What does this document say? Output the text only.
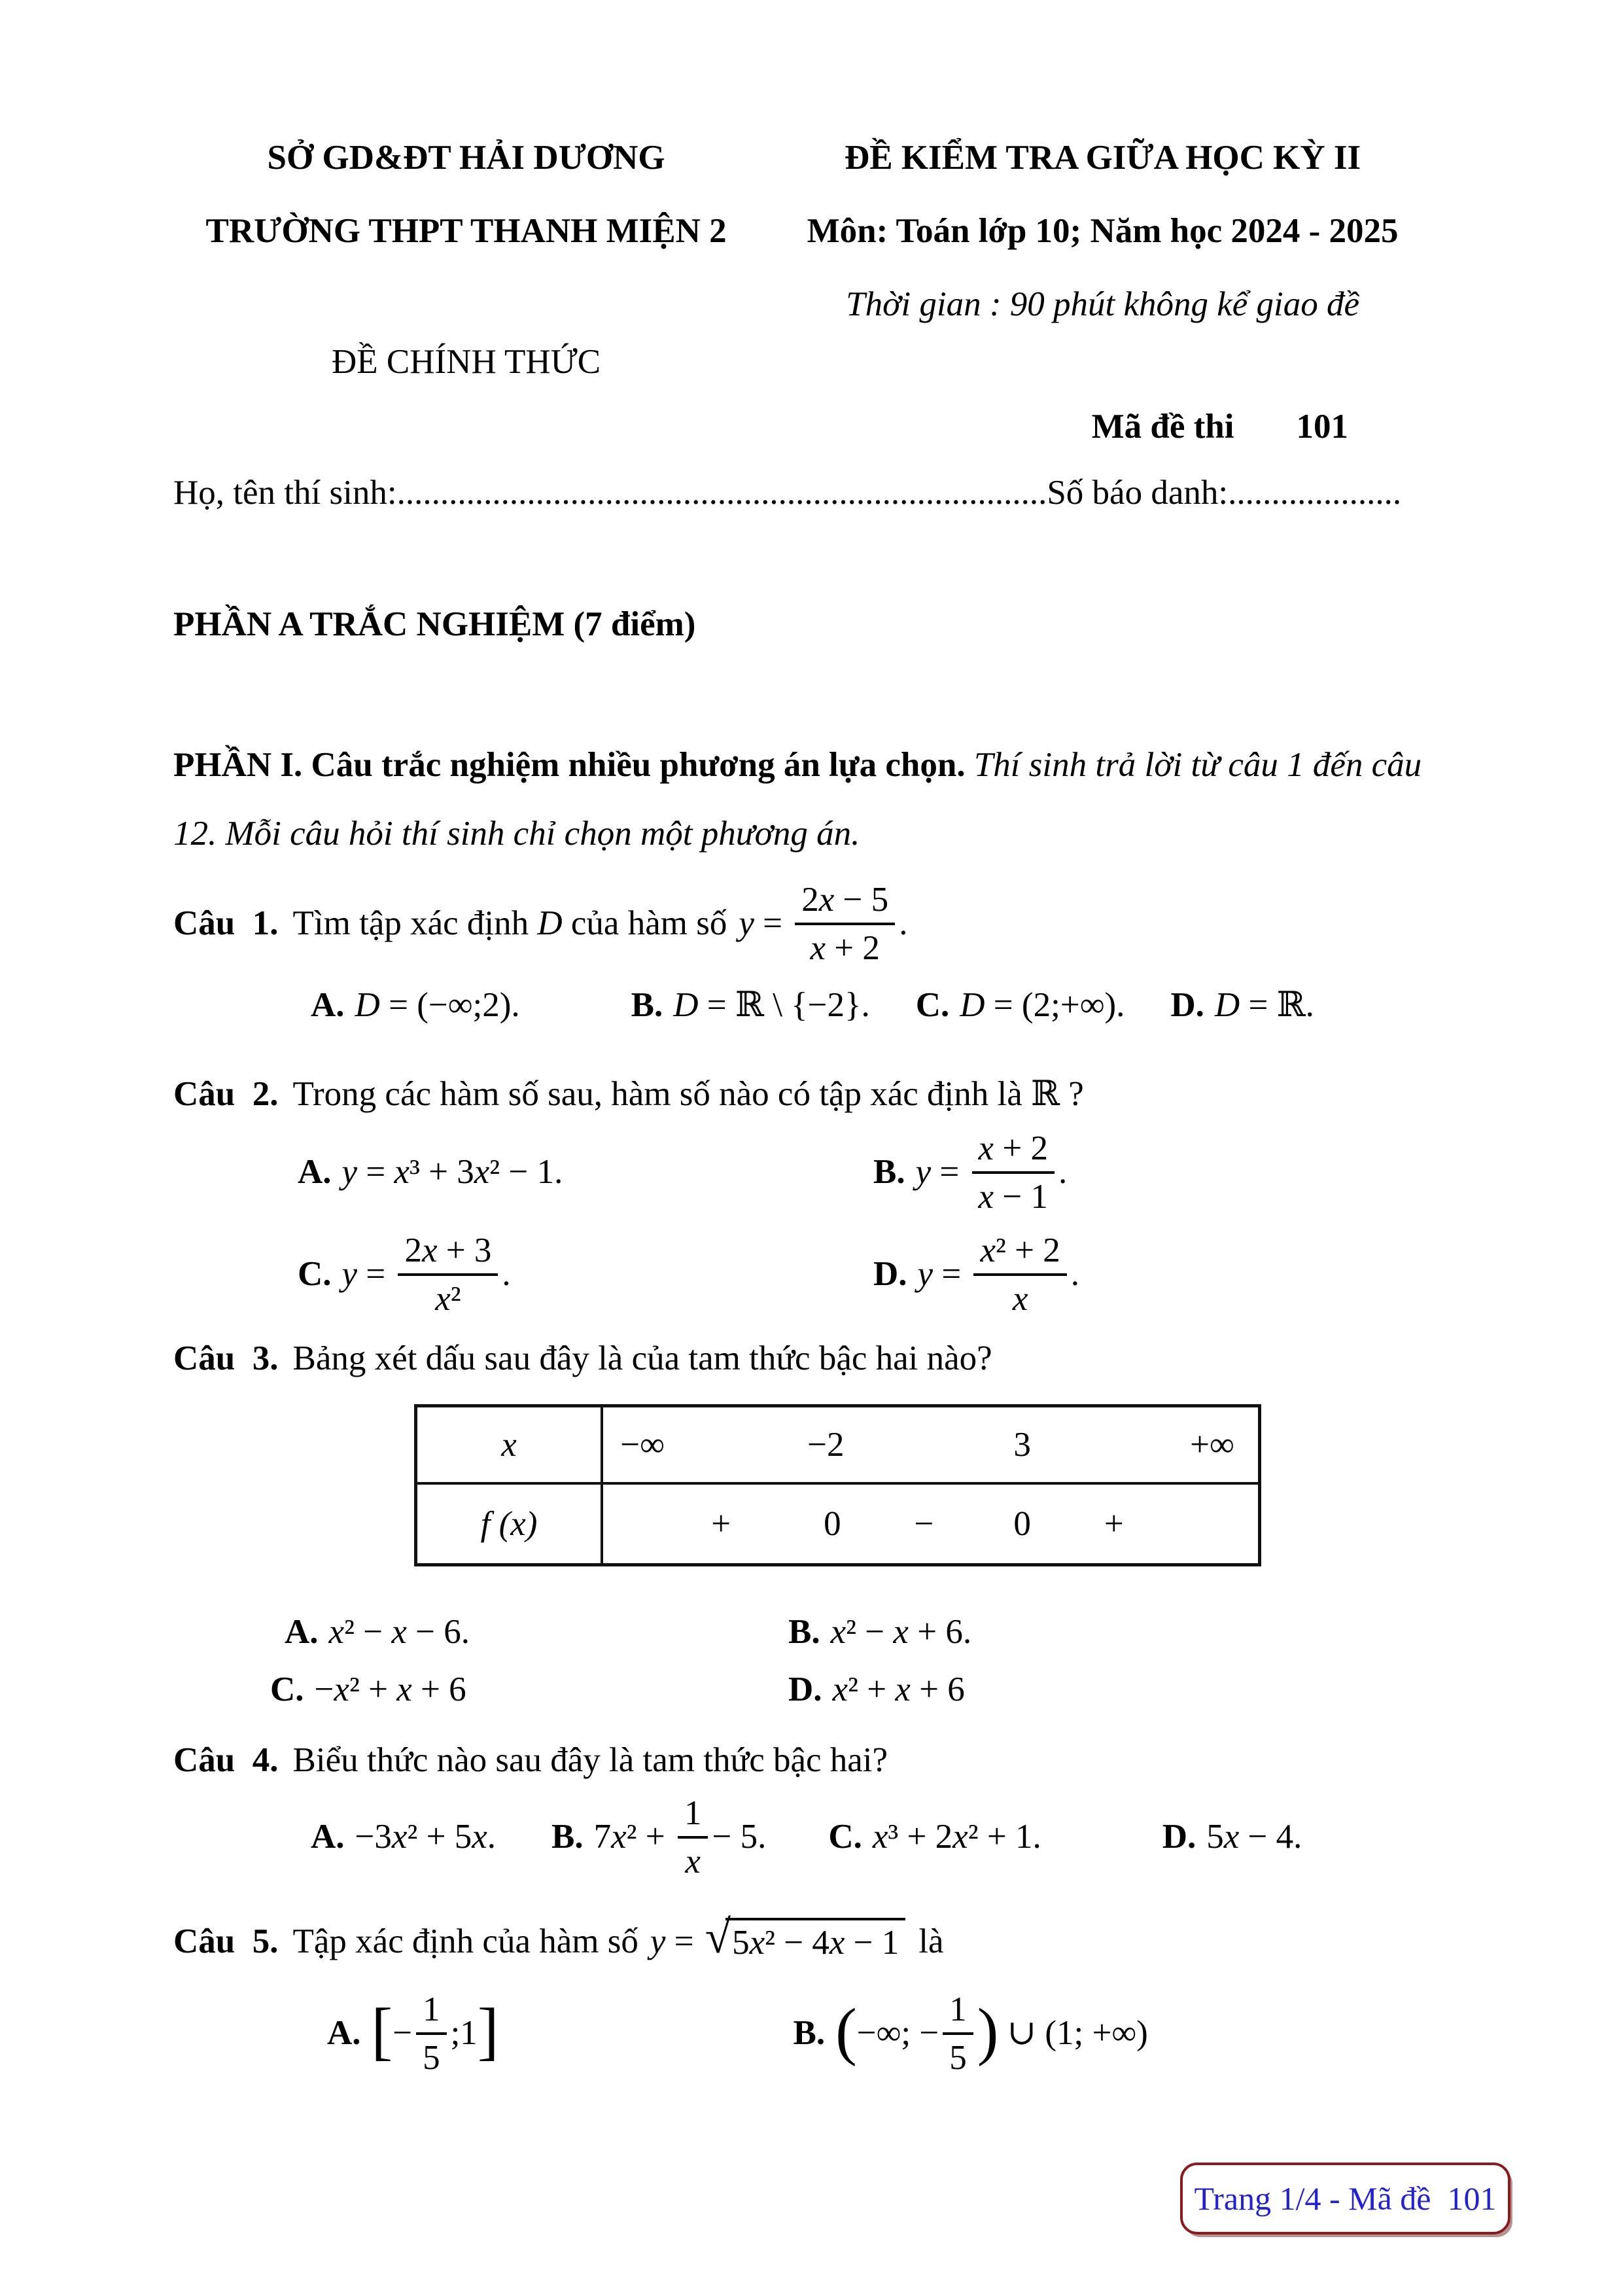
SỞ GD&ĐT HẢI DƯƠNG
TRƯỜNG THPT THANH MIỆN 2
ĐỀ CHÍNH THỨC
ĐỀ KIỂM TRA GIỮA HỌC KỲ II
Môn: Toán lớp 10; Năm học 2024 - 2025
Thời gian : 90 phút không kể giao đề
Mã đề thi 101
Họ, tên thí sinh:...........................................................................Số báo danh:....................
PHẦN A TRẮC NGHIỆM (7 điểm)

PHẦN I. Câu trắc nghiệm nhiều phương án lựa chọn. Thí sinh trả lời từ câu 1 đến câu 12. Mỗi câu hỏi thí sinh chỉ chọn một phương án.

Câu  1. Tìm tập xác định D của hàm số $y = \frac{2x - 5}{x + 2}$ .
A. D = (−∞;2).	B. D = ℝ \ {−2}. C. D = (2;+∞). D. D = ℝ.
Câu  2. Trong các hàm số sau, hàm số nào có tập xác định là ℝ ?
A. y = x³ + 3x² − 1.	B. $y = \frac{x + 2}{x - 1}$ .
C. $y = \frac{2x + 3}{\text{x²}}$ .	D. $y = \frac{\text{x² + 2}}{x}$ .
Câu  3. Bảng xét dấu sau đây là của tam thức bậc hai nào?
x	−∞	−2	3	+∞
f (x)	+	0 − 0 +
A. x² − x − 6.	B. x² − x + 6.
C. −x² + x + 6	D. x² + x + 6
Câu  4. Biểu thức nào sau đây là tam thức bậc hai?
A. −3x² + 5x. B. $7x^2 + \frac{1}{x} - 5$. C. x³ + 2x² + 1.	D. 5x − 4.
Câu  5. Tập xác định của hàm số y = √ 5x² − 4x − 1 là
A. [ − $\frac{1}{5}$ ;1 ]	B. ( −∞; − $\frac{1}{5}$ ) ∪ (1; +∞)
Trang 1/4 - Mã đề  101
